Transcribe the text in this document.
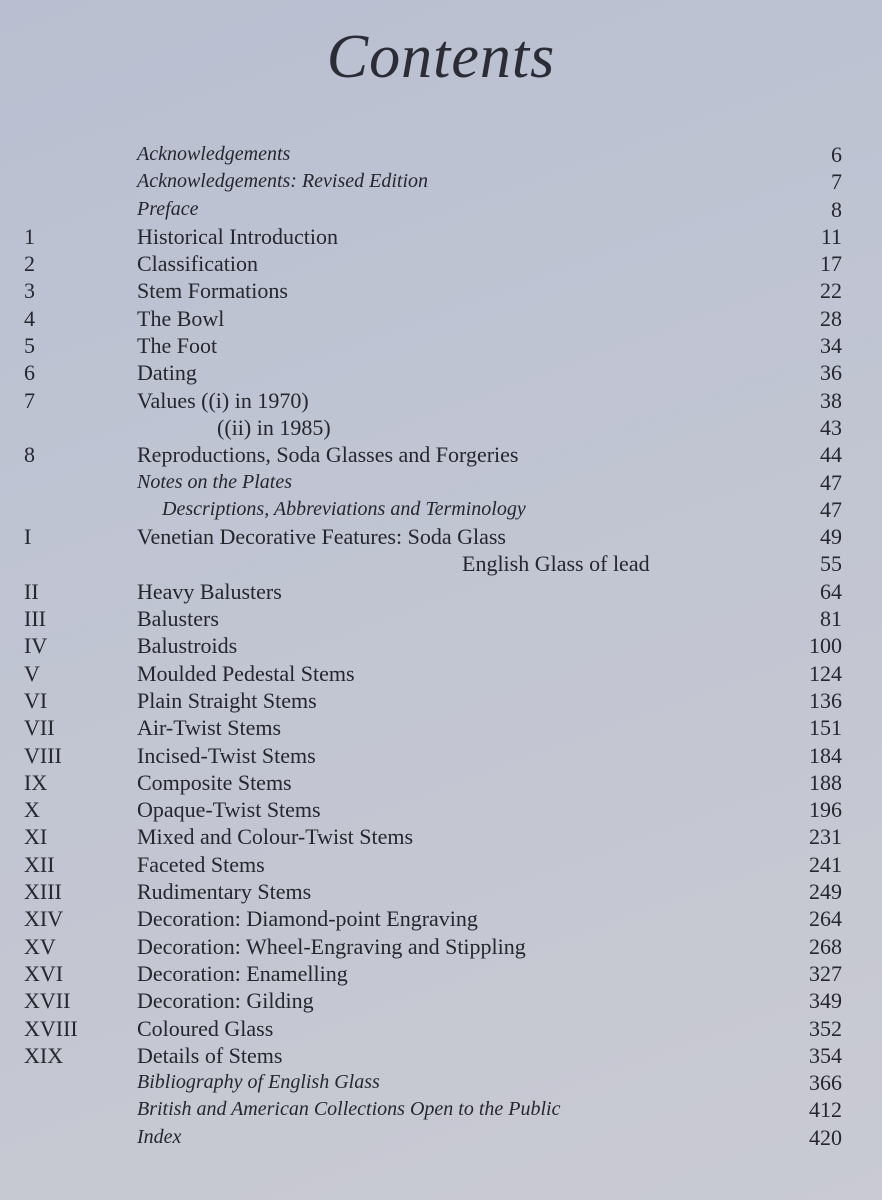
Contents
Acknowledgements	6
Acknowledgements: Revised Edition	7
Preface	8
1	Historical Introduction	11
2	Classification	17
3	Stem Formations	22
4	The Bowl	28
5	The Foot	34
6	Dating	36
7	Values ((i) in 1970)	38
((ii) in 1985)	43
8	Reproductions, Soda Glasses and Forgeries	44
Notes on the Plates	47
Descriptions, Abbreviations and Terminology	47
I	Venetian Decorative Features: Soda Glass	49
English Glass of lead	55
II	Heavy Balusters	64
III	Balusters	81
IV	Balustroids	100
V	Moulded Pedestal Stems	124
VI	Plain Straight Stems	136
VII	Air-Twist Stems	151
VIII	Incised-Twist Stems	184
IX	Composite Stems	188
X	Opaque-Twist Stems	196
XI	Mixed and Colour-Twist Stems	231
XII	Faceted Stems	241
XIII	Rudimentary Stems	249
XIV	Decoration: Diamond-point Engraving	264
XV	Decoration: Wheel-Engraving and Stippling	268
XVI	Decoration: Enamelling	327
XVII	Decoration: Gilding	349
XVIII	Coloured Glass	352
XIX	Details of Stems	354
Bibliography of English Glass	366
British and American Collections Open to the Public	412
Index	420
